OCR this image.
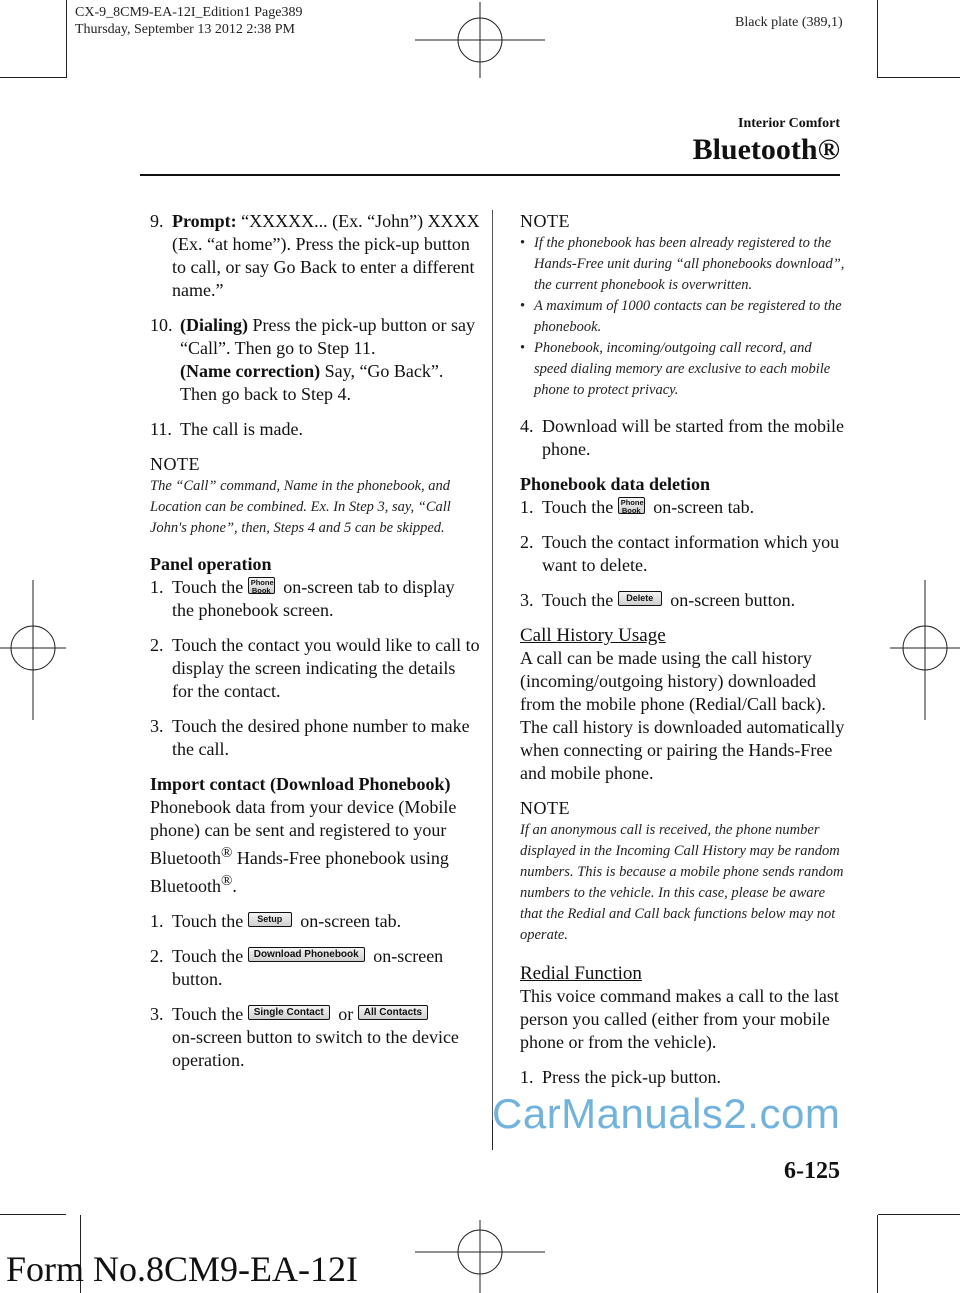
CX-9_8CM9-EA-12I_Edition1 Page389
Thursday, September 13 2012 2:38 PM	Black plate (389,1)
Interior Comfort
Bluetooth®
9. Prompt: “XXXXX... (Ex. “John”) XXXX (Ex. “at home”). Press the pick-up button to call, or say Go Back to enter a different name.”
10. (Dialing) Press the pick-up button or say “Call”. Then go to Step 11.
(Name correction) Say, “Go Back”. Then go back to Step 4.
11. The call is made.

NOTE

The “Call” command, Name in the phonebook, and Location can be combined. Ex. In Step 3, say, “Call John's phone”, then, Steps 4 and 5 can be skipped.

Panel operation

1. Touch the Phone
Book on-screen tab to display the phonebook screen.
2. Touch the contact you would like to call to display the screen indicating the details for the contact.
3. Touch the desired phone number to make the call.

Import contact (Download Phonebook)

Phonebook data from your device (Mobile phone) can be sent and registered to your Bluetooth® Hands-Free phonebook using Bluetooth®.

1. Touch the Setup on-screen tab.
2. Touch the Download Phonebook on-screen button.
3. Touch the Single Contact or All Contacts
on-screen button to switch to the device operation.

NOTE

• If the phonebook has been already registered to the Hands-Free unit during “all phonebooks download”, the current phonebook is overwritten.
• A maximum of 1000 contacts can be registered to the phonebook.
• Phonebook, incoming/outgoing call record, and speed dialing memory are exclusive to each mobile phone to protect privacy.
4. Download will be started from the mobile phone.

Phonebook data deletion

1. Touch the Phone
Book on-screen tab.
2. Touch the contact information which you want to delete.
3. Touch the Delete on-screen button.

Call History Usage

A call can be made using the call history (incoming/outgoing history) downloaded from the mobile phone (Redial/Call back). The call history is downloaded automatically when connecting or pairing the Hands-Free and mobile phone.

NOTE

If an anonymous call is received, the phone number displayed in the Incoming Call History may be random numbers. This is because a mobile phone sends random numbers to the vehicle. In this case, please be aware that the Redial and Call back functions below may not operate.

Redial Function

This voice command makes a call to the last person you called (either from your mobile phone or from the vehicle).

1. Press the pick-up button.
CarManuals2.com
6-125
Form No.8CM9-EA-12I
